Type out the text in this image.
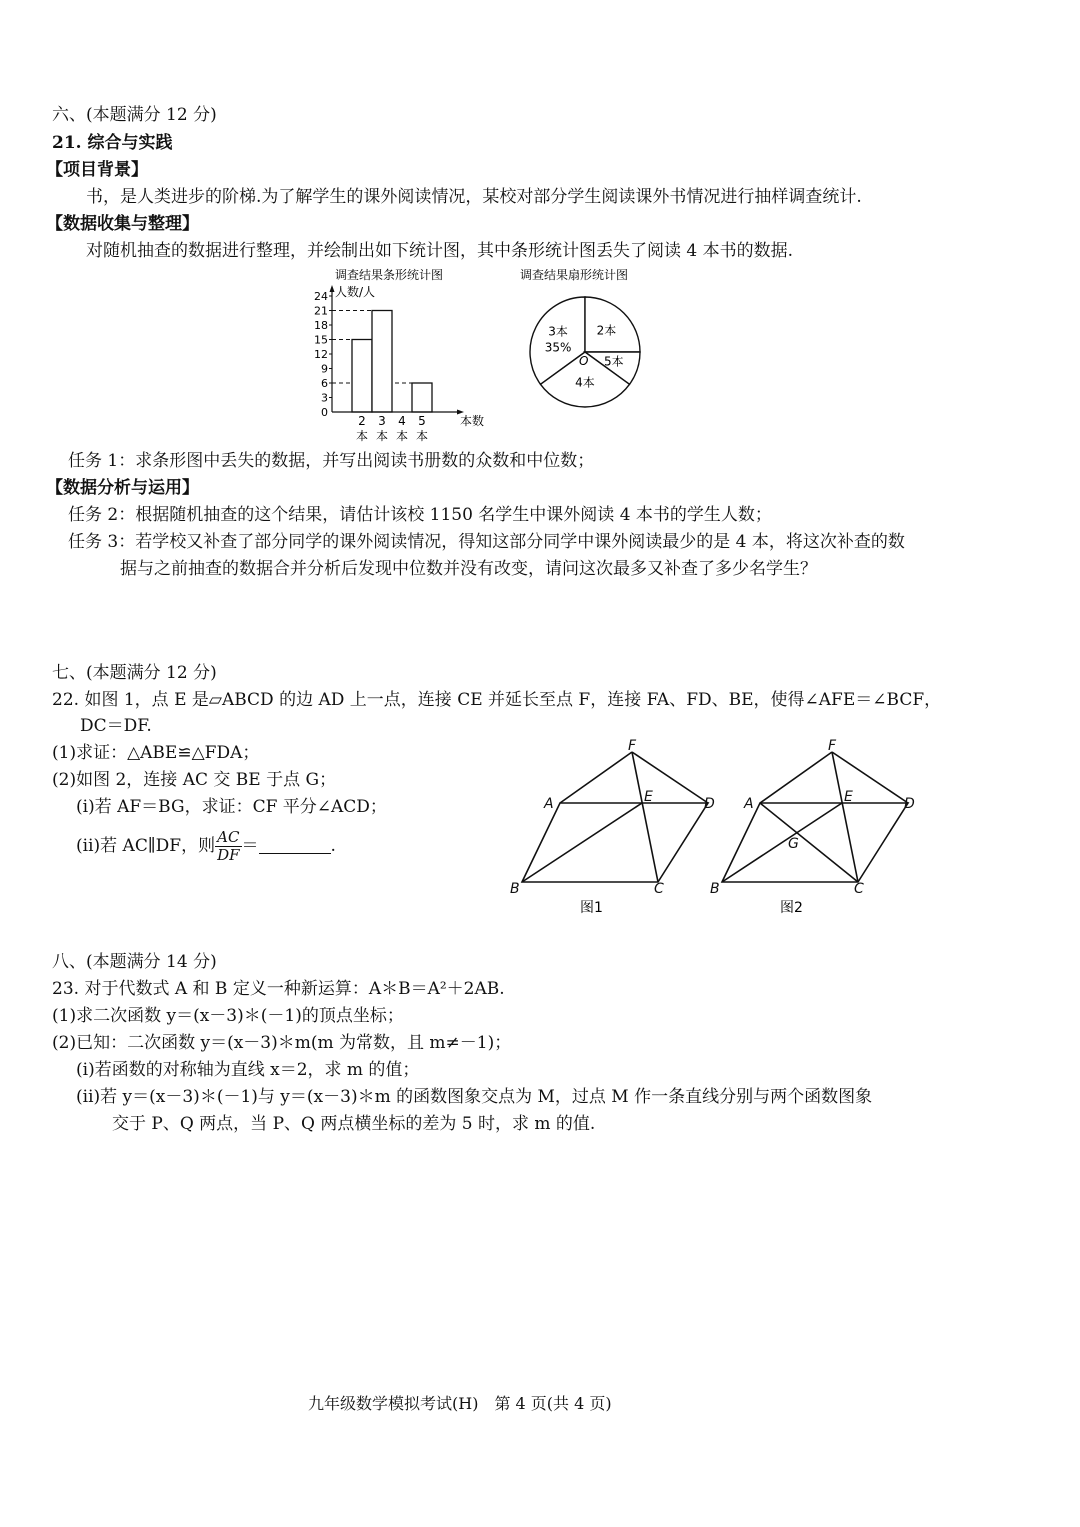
六、(本题满分 12 分)
21. 综合与实践
【项目背景】
书，是人类进步的阶梯.为了解学生的课外阅读情况，某校对部分学生阅读课外书情况进行抽样调查统计.
【数据收集与整理】
对随机抽查的数据进行整理，并绘制出如下统计图，其中条形统计图丢失了阅读 4 本书的数据.
调查结果条形统计图
人数/人
本数
0
3
6
9
12
15
18
21
24
2
本
3
本
4
本
5
本
调查结果扇形统计图
O
3本
35%
2本
5本
4本
任务 1：求条形图中丢失的数据，并写出阅读书册数的众数和中位数；
【数据分析与运用】
任务 2：根据随机抽查的这个结果，请估计该校 1150 名学生中课外阅读 4 本书的学生人数；
任务 3：若学校又补查了部分同学的课外阅读情况，得知这部分同学中课外阅读最少的是 4 本，将这次补查的数
据与之前抽查的数据合并分析后发现中位数并没有改变，请问这次最多又补查了多少名学生？
七、(本题满分 12 分)
22. 如图 1，点 E 是▱ABCD 的边 AD 上一点，连接 CE 并延长至点 F，连接 FA、FD、BE，使得∠AFE＝∠BCF，
DC＝DF.
(1)求证：△ABE≌△FDA；
(2)如图 2，连接 AC 交 BE 于点 G；
(ⅰ)若 AF＝BG，求证：CF 平分∠ACD；
(ⅱ)若 AC∥DF，则 $\frac{AC}{DF}$ ＝	.
F
A	E	D
B	C
图1
F
A	E	D
G
B	C
图2
八、(本题满分 14 分)
23. 对于代数式 A 和 B 定义一种新运算：A＊B＝A²＋2AB.
(1)求二次函数 y＝(x－3)＊(－1)的顶点坐标；
(2)已知：二次函数 y＝(x－3)＊m(m 为常数，且 m≠－1)；
(ⅰ)若函数的对称轴为直线 x＝2，求 m 的值；
(ⅱ)若 y＝(x－3)＊(－1)与 y＝(x－3)＊m 的函数图象交点为 M，过点 M 作一条直线分别与两个函数图象
交于 P、Q 两点，当 P、Q 两点横坐标的差为 5 时，求 m 的值.
九年级数学模拟考试(H)　第 4 页(共 4 页)
